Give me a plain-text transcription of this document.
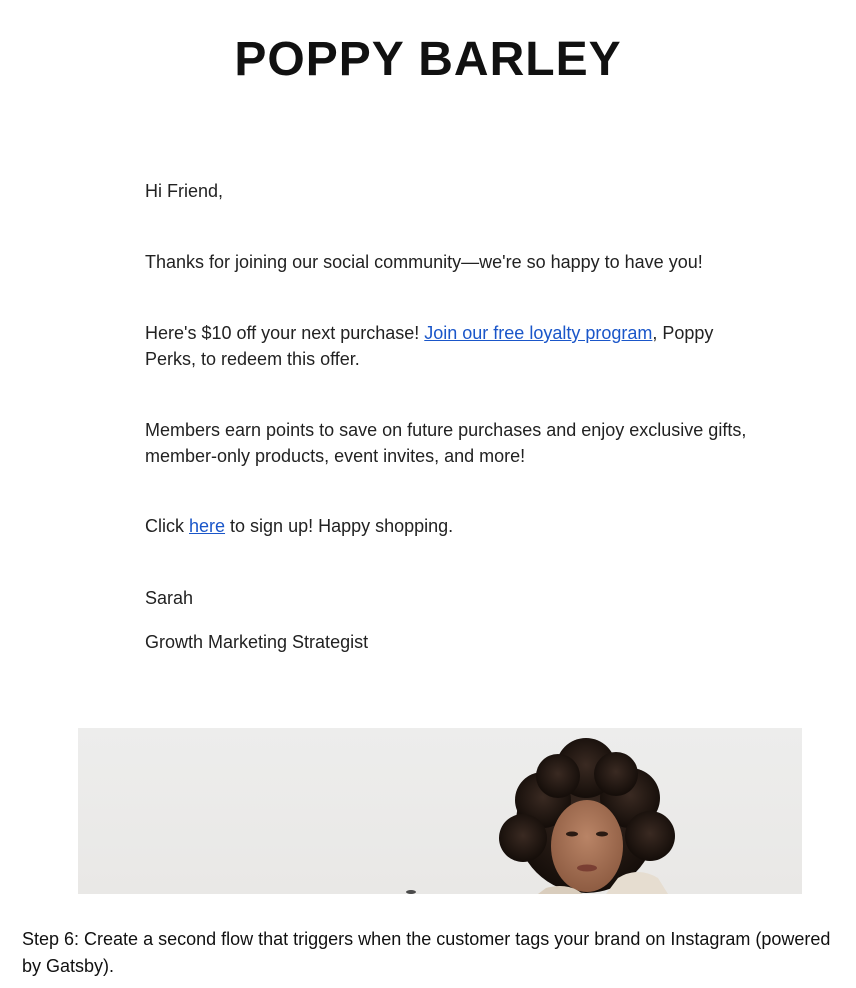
POPPY BARLEY

Hi Friend,

Thanks for joining our social community—we're so happy to have you!

Here's $10 off your next purchase! Join our free loyalty program, Poppy Perks, to redeem this offer.

Members earn points to save on future purchases and enjoy exclusive gifts, member-only products, event invites, and more!

Click here to sign up! Happy shopping.

Sarah

Growth Marketing Strategist

Step 6: Create a second flow that triggers when the customer tags your brand on Instagram (powered by Gatsby).
